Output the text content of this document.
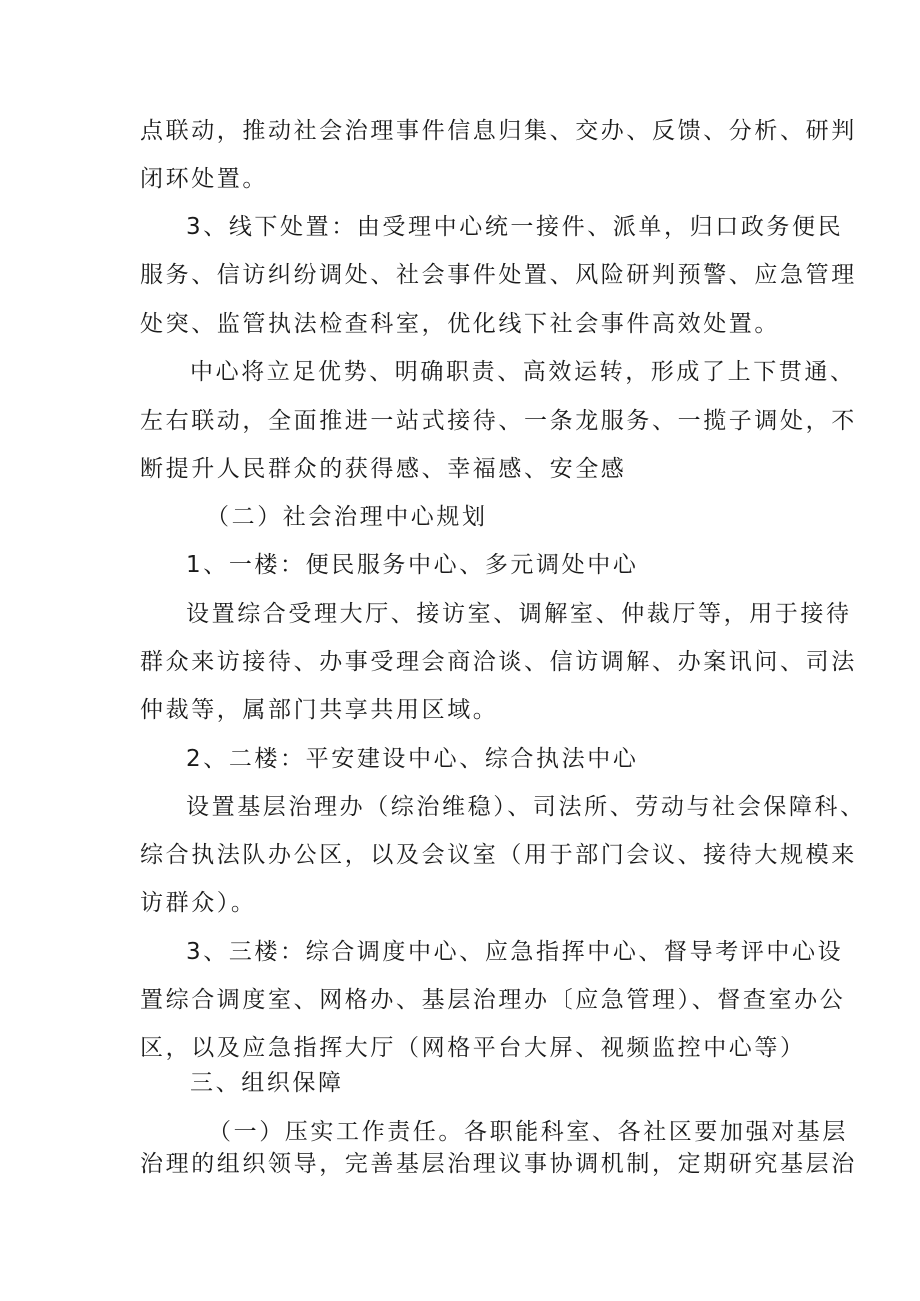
点联动，推动社会治理事件信息归集、交办、反馈、分析、研判
闭环处置。
3、线下处置：由受理中心统一接件、派单，归口政务便民
服务、信访纠纷调处、社会事件处置、风险研判预警、应急管理
处突、监管执法检查科室，优化线下社会事件高效处置。
中心将立足优势、明确职责、高效运转，形成了上下贯通、
左右联动，全面推进一站式接待、一条龙服务、一揽子调处，不
断提升人民群众的获得感、幸福感、安全感
（二）社会治理中心规划
1、一楼：便民服务中心、多元调处中心
设置综合受理大厅、接访室、调解室、仲裁厅等，用于接待
群众来访接待、办事受理会商洽谈、信访调解、办案讯问、司法
仲裁等，属部门共享共用区域。
2、二楼：平安建设中心、综合执法中心
设置基层治理办（综治维稳）、司法所、劳动与社会保障科、
综合执法队办公区，以及会议室（用于部门会议、接待大规模来
访群众）。
3、三楼：综合调度中心、应急指挥中心、督导考评中心设
置综合调度室、网格办、基层治理办〔应急管理）、督查室办公
区，以及应急指挥大厅（网格平台大屏、视频监控中心等）
三、组织保障
（一）压实工作责任。各职能科室、各社区要加强对基层
治理的组织领导，完善基层治理议事协调机制，定期研究基层治
